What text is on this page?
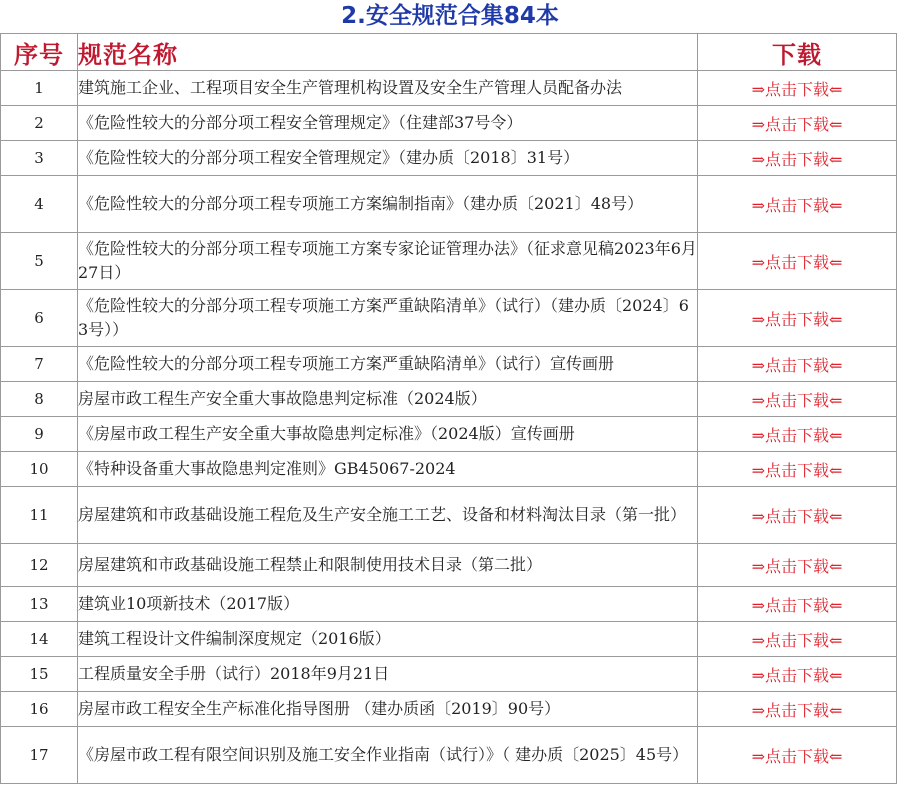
2.安全规范合集84本
序号	规范名称	下载
1	建筑施工企业、工程项目安全生产管理机构设置及安全生产管理人员配备办法	⇒点击下载⇐
2	《危险性较大的分部分项工程安全管理规定》（住建部37号令）	⇒点击下载⇐
3	《危险性较大的分部分项工程安全管理规定》（建办质〔2018〕31号）	⇒点击下载⇐
4	《危险性较大的分部分项工程专项施工方案编制指南》（建办质〔2021〕48号）	⇒点击下载⇐
5	《危险性较大的分部分项工程专项施工方案专家论证管理办法》（征求意见稿2023年6月27日）	⇒点击下载⇐
6	《危险性较大的分部分项工程专项施工方案严重缺陷清单》（试行）（建办质〔2024〕63号））	⇒点击下载⇐
7	《危险性较大的分部分项工程专项施工方案严重缺陷清单》（试行）宣传画册	⇒点击下载⇐
8	房屋市政工程生产安全重大事故隐患判定标准（2024版）	⇒点击下载⇐
9	《房屋市政工程生产安全重大事故隐患判定标准》（2024版）宣传画册	⇒点击下载⇐
10	《特种设备重大事故隐患判定准则》GB45067-2024	⇒点击下载⇐
11	房屋建筑和市政基础设施工程危及生产安全施工工艺、设备和材料淘汰目录（第一批）	⇒点击下载⇐
12	房屋建筑和市政基础设施工程禁止和限制使用技术目录（第二批）	⇒点击下载⇐
13	建筑业10项新技术（2017版）	⇒点击下载⇐
14	建筑工程设计文件编制深度规定（2016版）	⇒点击下载⇐
15	工程质量安全手册（试行）2018年9月21日	⇒点击下载⇐
16	房屋市政工程安全生产标准化指导图册 （建办质函〔2019〕90号）	⇒点击下载⇐
17	《房屋市政工程有限空间识别及施工安全作业指南（试行）》（ 建办质〔2025〕45号）	⇒点击下载⇐
